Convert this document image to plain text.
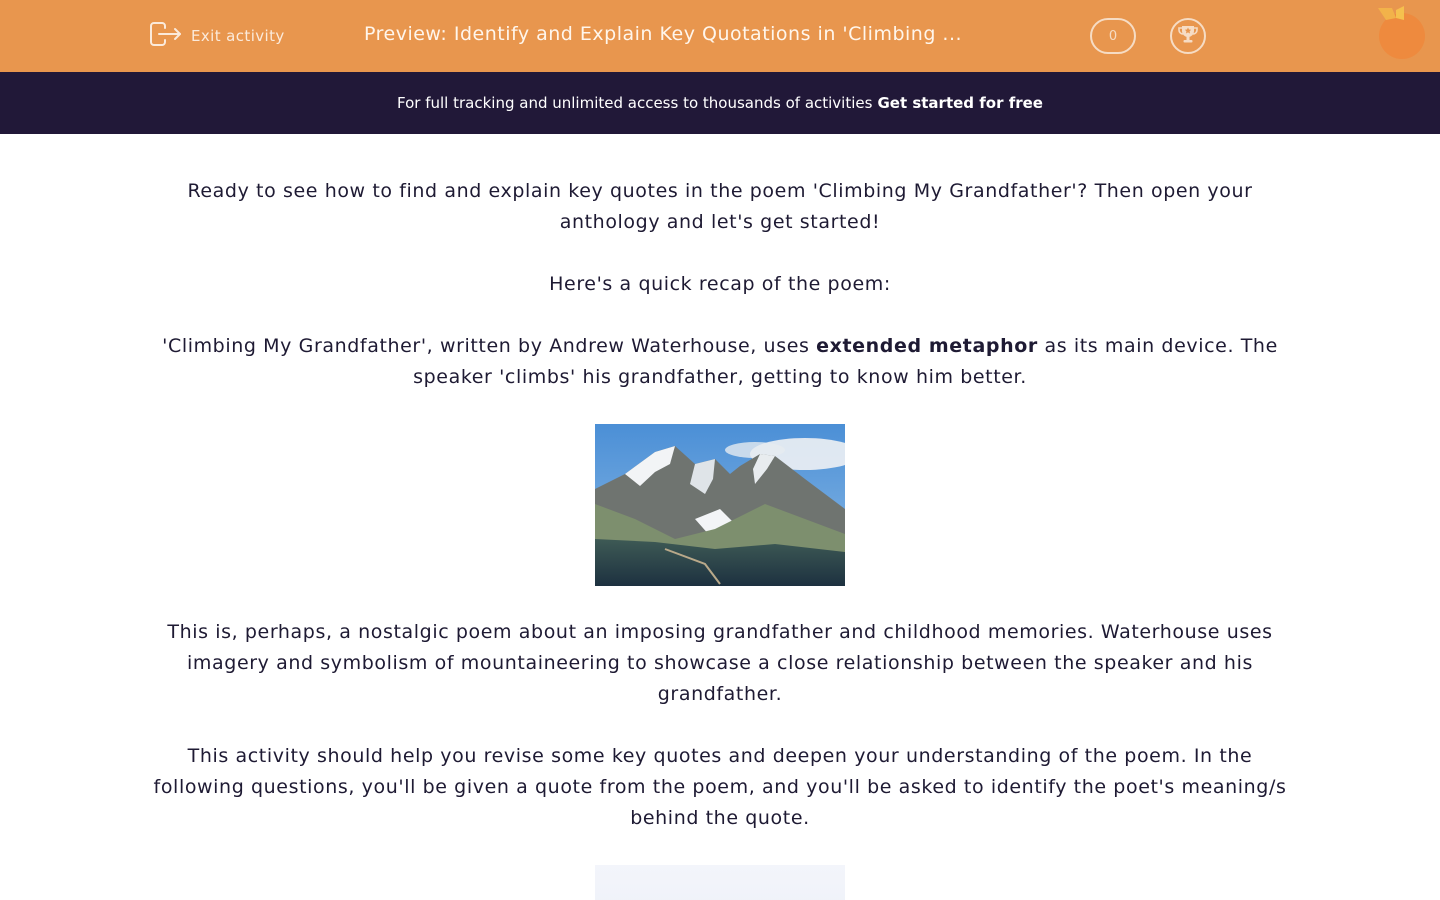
Exit activity	Preview: Identify and Explain Key Quotations in 'Climbing ...	0
For full tracking and unlimited access to thousands of activities Get started for free

Ready to see how to find and explain key quotes in the poem 'Climbing My Grandfather'? Then open your anthology and let's get started!

Here's a quick recap of the poem:

'Climbing My Grandfather', written by Andrew Waterhouse, uses extended metaphor as its main device. The speaker 'climbs' his grandfather, getting to know him better.

This is, perhaps, a nostalgic poem about an imposing grandfather and childhood memories. Waterhouse uses imagery and symbolism of mountaineering to showcase a close relationship between the speaker and his grandfather.

This activity should help you revise some key quotes and deepen your understanding of the poem. In the following questions, you'll be given a quote from the poem, and you'll be asked to identify the poet's meaning/s behind the quote.
